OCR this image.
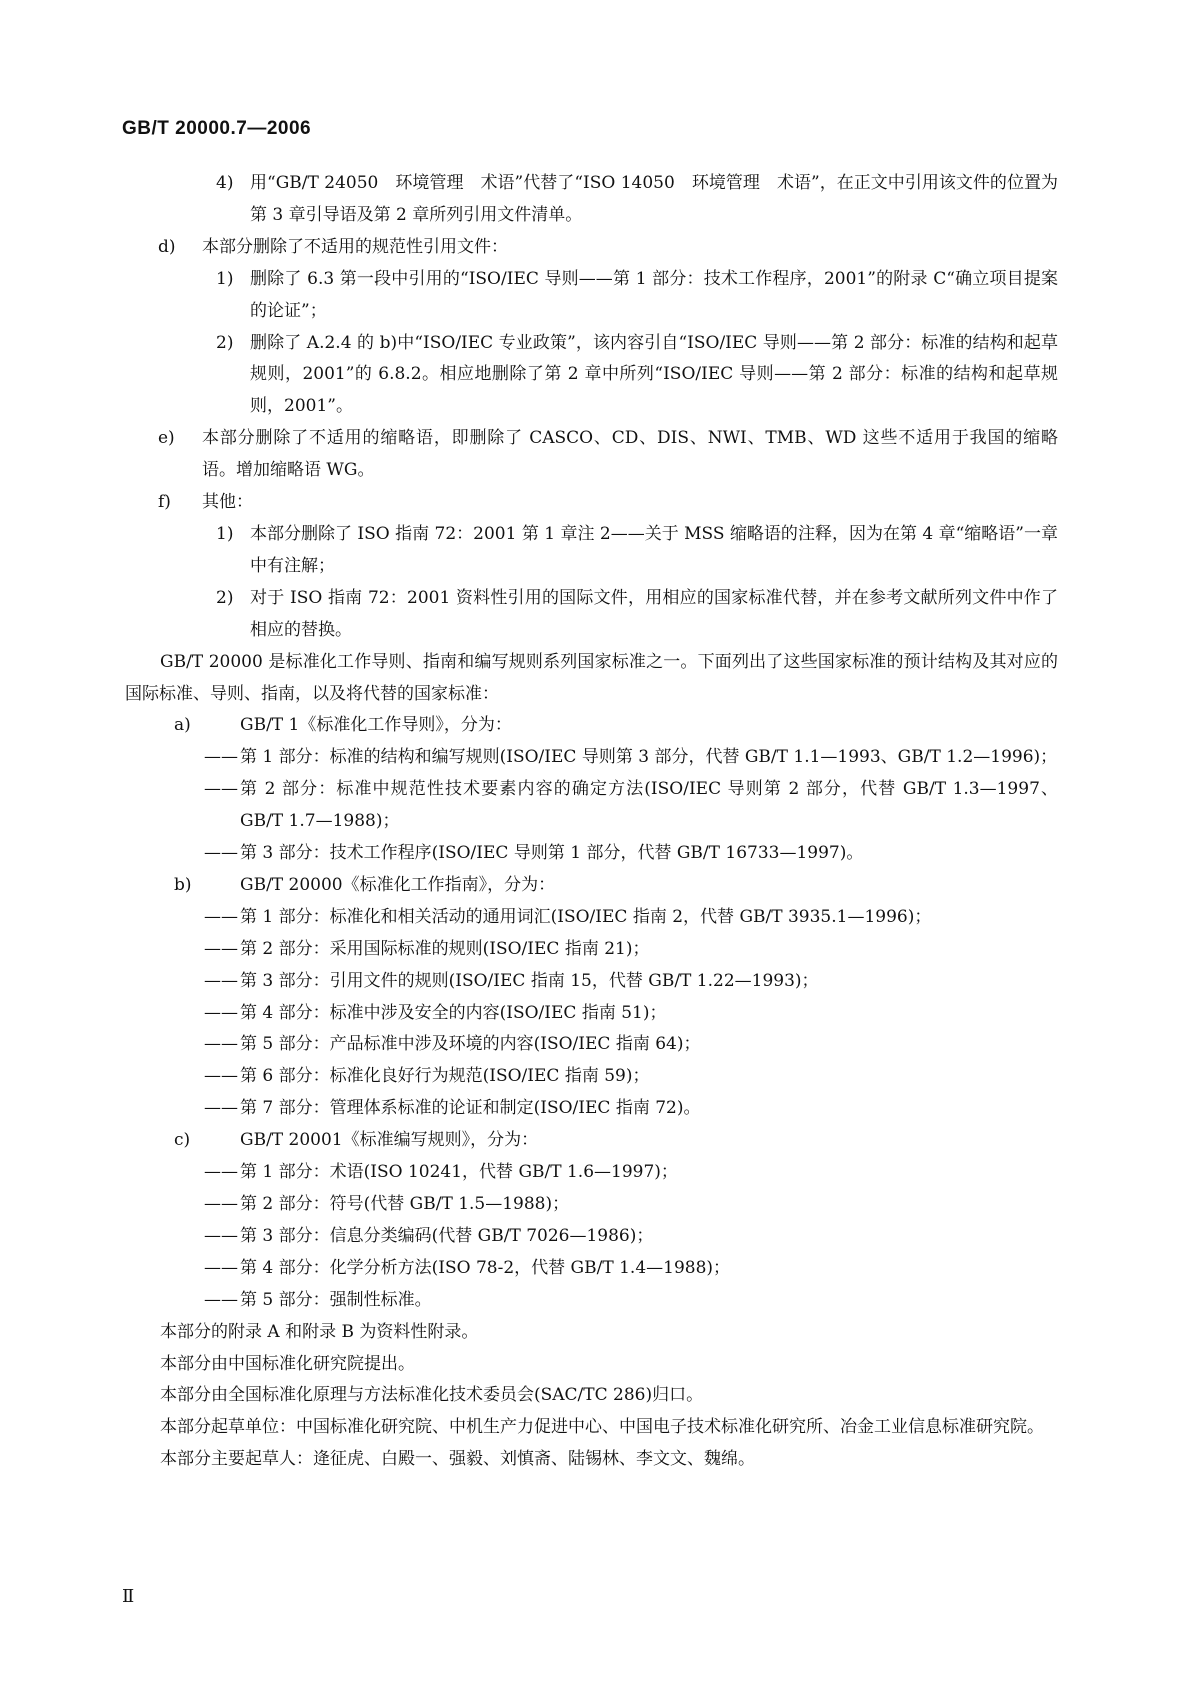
GB/T 20000.7—2006
4) 用“GB/T 24050　环境管理　术语”代替了“ISO 14050　环境管理　术语”，在正文中引用该文件的位置为第 3 章引导语及第 2 章所列引用文件清单。
d) 本部分删除了不适用的规范性引用文件：
1) 删除了 6.3 第一段中引用的“ISO/IEC 导则——第 1 部分：技术工作程序，2001”的附录 C“确立项目提案的论证”；
2) 删除了 A.2.4 的 b)中“ISO/IEC 专业政策”，该内容引自“ISO/IEC 导则——第 2 部分：标准的结构和起草规则，2001”的 6.8.2。相应地删除了第 2 章中所列“ISO/IEC 导则——第 2 部分：标准的结构和起草规则，2001”。
e) 本部分删除了不适用的缩略语，即删除了 CASCO、CD、DIS、NWI、TMB、WD 这些不适用于我国的缩略语。增加缩略语 WG。
f) 其他：
1) 本部分删除了 ISO 指南 72：2001 第 1 章注 2——关于 MSS 缩略语的注释，因为在第 4 章“缩略语”一章中有注解；
2) 对于 ISO 指南 72：2001 资料性引用的国际文件，用相应的国家标准代替，并在参考文献所列文件中作了相应的替换。
GB/T 20000 是标准化工作导则、指南和编写规则系列国家标准之一。下面列出了这些国家标准的预计结构及其对应的国际标准、导则、指南，以及将代替的国家标准：
a)	GB/T 1《标准化工作导则》，分为：
—— 第 1 部分：标准的结构和编写规则(ISO/IEC 导则第 3 部分，代替 GB/T 1.1—1993、GB/T 1.2—1996)；
—— 第 2 部分：标准中规范性技术要素内容的确定方法(ISO/IEC 导则第 2 部分，代替 GB/T 1.3—1997、GB/T 1.7—1988)；
—— 第 3 部分：技术工作程序(ISO/IEC 导则第 1 部分，代替 GB/T 16733—1997)。
b)	GB/T 20000《标准化工作指南》，分为：
—— 第 1 部分：标准化和相关活动的通用词汇(ISO/IEC 指南 2，代替 GB/T 3935.1—1996)；
—— 第 2 部分：采用国际标准的规则(ISO/IEC 指南 21)；
—— 第 3 部分：引用文件的规则(ISO/IEC 指南 15，代替 GB/T 1.22—1993)；
—— 第 4 部分：标准中涉及安全的内容(ISO/IEC 指南 51)；
—— 第 5 部分：产品标准中涉及环境的内容(ISO/IEC 指南 64)；
—— 第 6 部分：标准化良好行为规范(ISO/IEC 指南 59)；
—— 第 7 部分：管理体系标准的论证和制定(ISO/IEC 指南 72)。
c)	GB/T 20001《标准编写规则》，分为：
—— 第 1 部分：术语(ISO 10241，代替 GB/T 1.6—1997)；
—— 第 2 部分：符号(代替 GB/T 1.5—1988)；
—— 第 3 部分：信息分类编码(代替 GB/T 7026—1986)；
—— 第 4 部分：化学分析方法(ISO 78-2，代替 GB/T 1.4—1988)；
—— 第 5 部分：强制性标准。
本部分的附录 A 和附录 B 为资料性附录。
本部分由中国标准化研究院提出。
本部分由全国标准化原理与方法标准化技术委员会(SAC/TC 286)归口。
本部分起草单位：中国标准化研究院、中机生产力促进中心、中国电子技术标准化研究所、冶金工业信息标准研究院。
本部分主要起草人：逄征虎、白殿一、强毅、刘慎斋、陆锡林、李文文、魏绵。
Ⅱ
